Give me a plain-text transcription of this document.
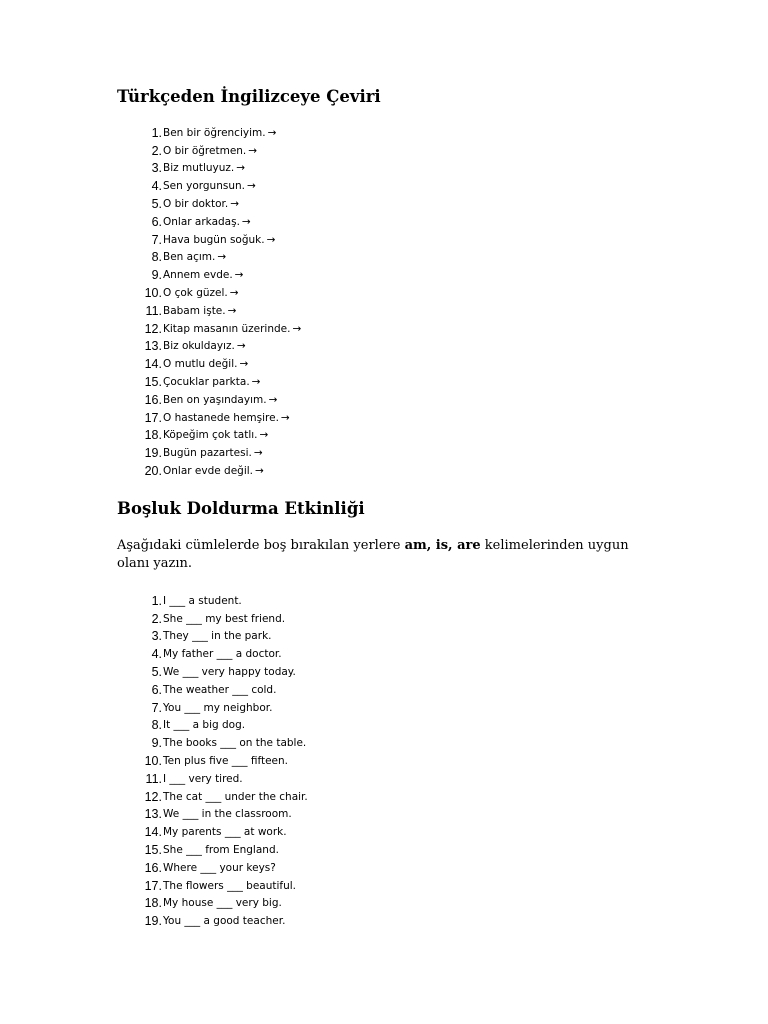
Türkçeden İngilizceye Çeviri
1. Ben bir öğrenciyim. →
2. O bir öğretmen. →
3. Biz mutluyuz. →
4. Sen yorgunsun. →
5. O bir doktor. →
6. Onlar arkadaş. →
7. Hava bugün soğuk. →
8. Ben açım. →
9. Annem evde. →
10. O çok güzel. →
11. Babam işte. →
12. Kitap masanın üzerinde. →
13. Biz okuldayız. →
14. O mutlu değil. →
15. Çocuklar parkta. →
16. Ben on yaşındayım. →
17. O hastanede hemşire. →
18. Köpeğim çok tatlı. →
19. Bugün pazartesi. →
20. Onlar evde değil. →
Boşluk Doldurma Etkinliği

Aşağıdaki cümlelerde boş bırakılan yerlere am, is, are kelimelerinden uygun olanı yazın.

1. I ___ a student.
2. She ___ my best friend.
3. They ___ in the park.
4. My father ___ a doctor.
5. We ___ very happy today.
6. The weather ___ cold.
7. You ___ my neighbor.
8. It ___ a big dog.
9. The books ___ on the table.
10. Ten plus five ___ fifteen.
11. I ___ very tired.
12. The cat ___ under the chair.
13. We ___ in the classroom.
14. My parents ___ at work.
15. She ___ from England.
16. Where ___ your keys?
17. The flowers ___ beautiful.
18. My house ___ very big.
19. You ___ a good teacher.
